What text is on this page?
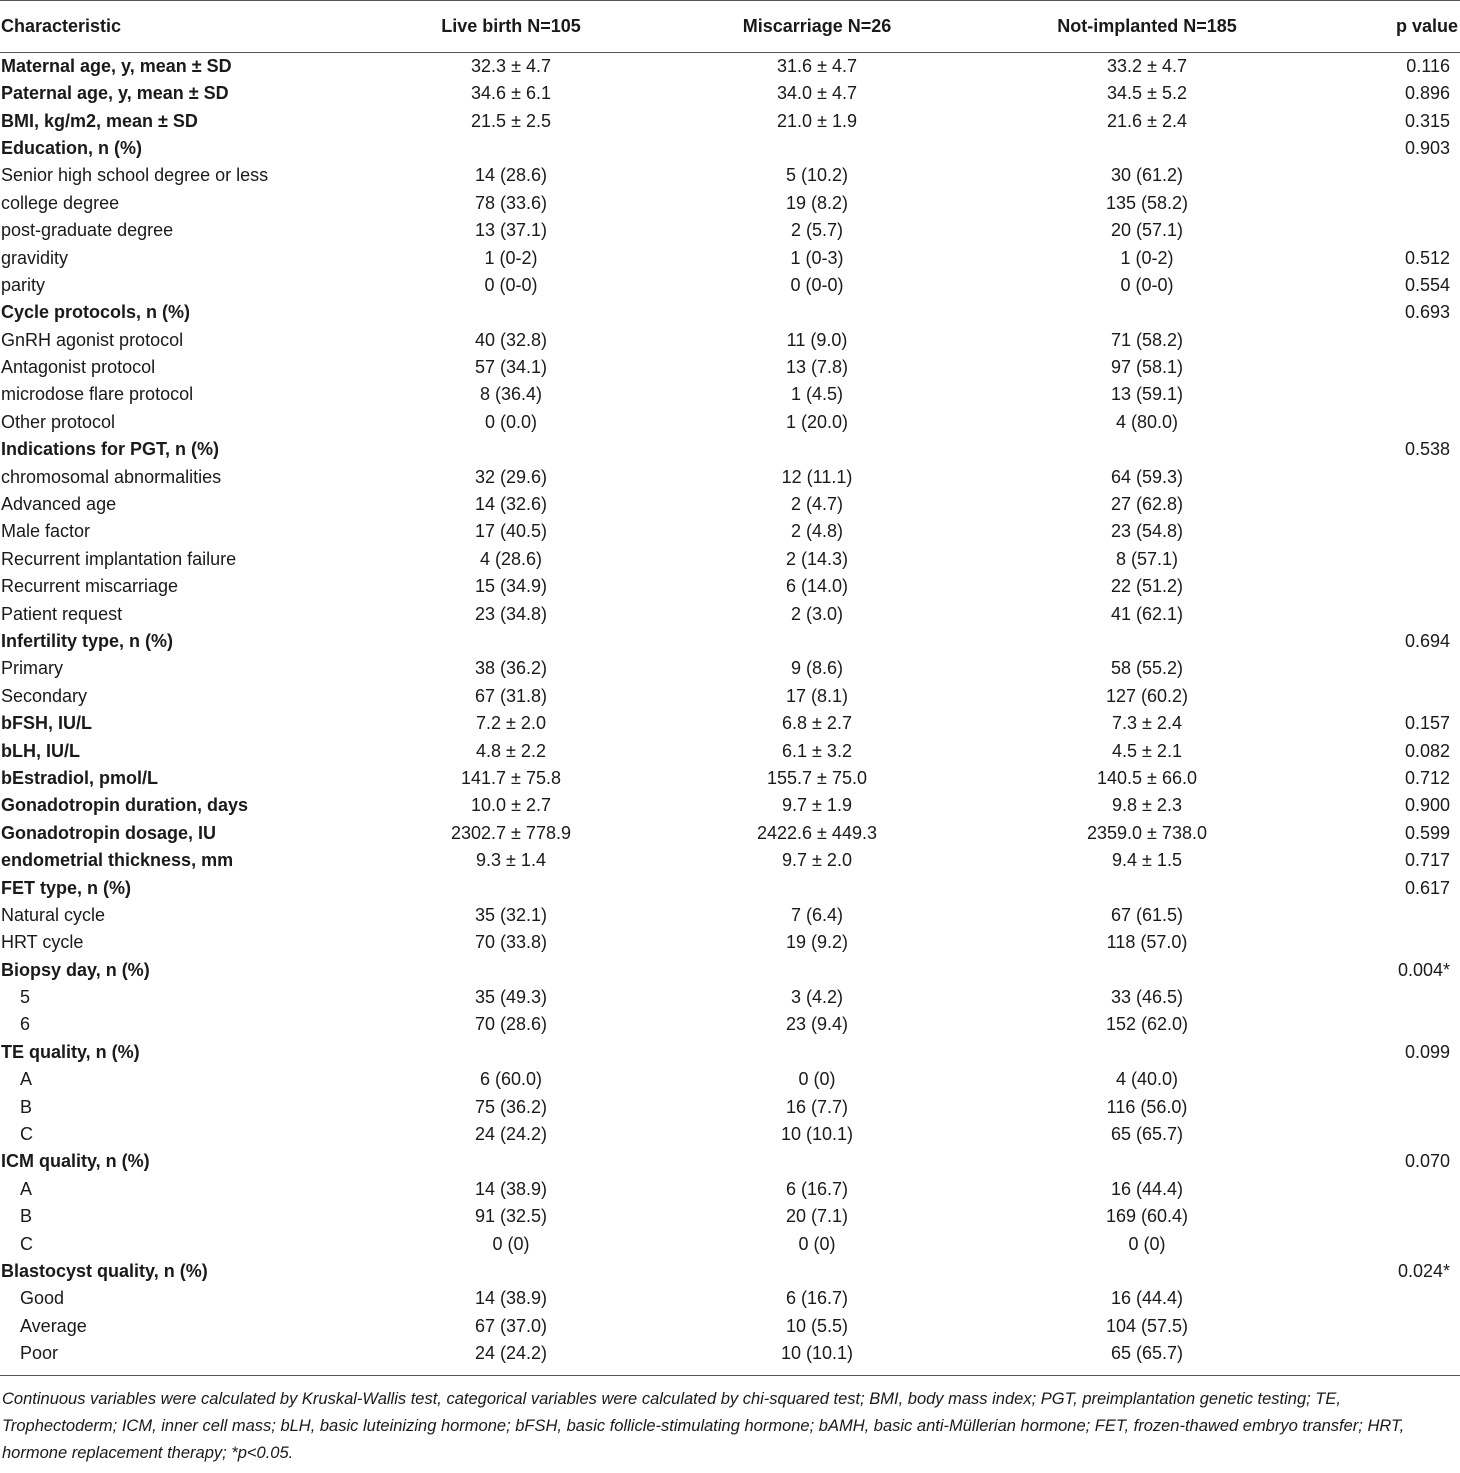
Characteristic	Live birth N=105	Miscarriage N=26	Not-implanted N=185	p value
Maternal age, y, mean ± SD	32.3 ± 4.7	31.6 ± 4.7	33.2 ± 4.7	0.116
Paternal age, y, mean ± SD	34.6 ± 6.1	34.0 ± 4.7	34.5 ± 5.2	0.896
BMI, kg/m2, mean ± SD	21.5 ± 2.5	21.0 ± 1.9	21.6 ± 2.4	0.315
Education, n (%)				0.903
Senior high school degree or less	14 (28.6)	5 (10.2)	30 (61.2)	
college degree	78 (33.6)	19 (8.2)	135 (58.2)	
post-graduate degree	13 (37.1)	2 (5.7)	20 (57.1)	
gravidity	1 (0-2)	1 (0-3)	1 (0-2)	0.512
parity	0 (0-0)	0 (0-0)	0 (0-0)	0.554
Cycle protocols, n (%)				0.693
GnRH agonist protocol	40 (32.8)	11 (9.0)	71 (58.2)	
Antagonist protocol	57 (34.1)	13 (7.8)	97 (58.1)	
microdose flare protocol	8 (36.4)	1 (4.5)	13 (59.1)	
Other protocol	0 (0.0)	1 (20.0)	4 (80.0)	
Indications for PGT, n (%)				0.538
chromosomal abnormalities	32 (29.6)	12 (11.1)	64 (59.3)	
Advanced age	14 (32.6)	2 (4.7)	27 (62.8)	
Male factor	17 (40.5)	2 (4.8)	23 (54.8)	
Recurrent implantation failure	4 (28.6)	2 (14.3)	8 (57.1)	
Recurrent miscarriage	15 (34.9)	6 (14.0)	22 (51.2)	
Patient request	23 (34.8)	2 (3.0)	41 (62.1)	
Infertility type, n (%)				0.694
Primary	38 (36.2)	9 (8.6)	58 (55.2)	
Secondary	67 (31.8)	17 (8.1)	127 (60.2)	
bFSH, IU/L	7.2 ± 2.0	6.8 ± 2.7	7.3 ± 2.4	0.157
bLH, IU/L	4.8 ± 2.2	6.1 ± 3.2	4.5 ± 2.1	0.082
bEstradiol, pmol/L	141.7 ± 75.8	155.7 ± 75.0	140.5 ± 66.0	0.712
Gonadotropin duration, days	10.0 ± 2.7	9.7 ± 1.9	9.8 ± 2.3	0.900
Gonadotropin dosage, IU	2302.7 ± 778.9	2422.6 ± 449.3	2359.0 ± 738.0	0.599
endometrial thickness, mm	9.3 ± 1.4	9.7 ± 2.0	9.4 ± 1.5	0.717
FET type, n (%)				0.617
Natural cycle	35 (32.1)	7 (6.4)	67 (61.5)	
HRT cycle	70 (33.8)	19 (9.2)	118 (57.0)	
Biopsy day, n (%)				0.004*
5	35 (49.3)	3 (4.2)	33 (46.5)	
6	70 (28.6)	23 (9.4)	152 (62.0)	
TE quality, n (%)				0.099
A	6 (60.0)	0 (0)	4 (40.0)	
B	75 (36.2)	16 (7.7)	116 (56.0)	
C	24 (24.2)	10 (10.1)	65 (65.7)	
ICM quality, n (%)				0.070
A	14 (38.9)	6 (16.7)	16 (44.4)	
B	91 (32.5)	20 (7.1)	169 (60.4)	
C	0 (0)	0 (0)	0 (0)	
Blastocyst quality, n (%)				0.024*
Good	14 (38.9)	6 (16.7)	16 (44.4)	
Average	67 (37.0)	10 (5.5)	104 (57.5)	
Poor	24 (24.2)	10 (10.1)	65 (65.7)	
Continuous variables were calculated by Kruskal-Wallis test, categorical variables were calculated by chi-squared test; BMI, body mass index; PGT, preimplantation genetic testing; TE, Trophectoderm; ICM, inner cell mass; bLH, basic luteinizing hormone; bFSH, basic follicle-stimulating hormone; bAMH, basic anti-Müllerian hormone; FET, frozen-thawed embryo transfer; HRT, hormone replacement therapy; *p<0.05.
